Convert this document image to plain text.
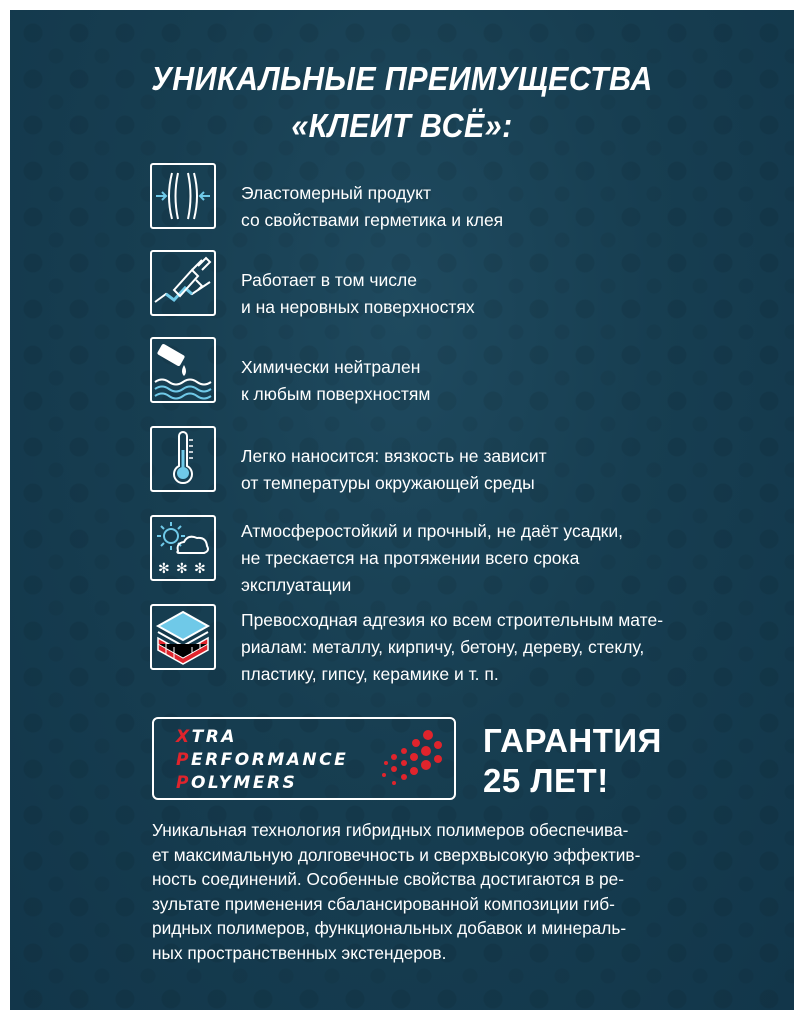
УНИКАЛЬНЫЕ ПРЕИМУЩЕСТВА
«КЛЕИТ ВСЁ»:
Эластомерный продукт
со свойствами герметика и клея
Работает в том числе
и на неровных поверхностях
Химически нейтрален
к любым поверхностям
Легко наносится: вязкость не зависит
от температуры окружающей среды
✻ ✻ ✻
Атмосферостойкий и прочный, не даёт усадки,
не трескается на протяжении всего срока
эксплуатации
Превосходная адгезия ко всем строительным мате-
риалам: металлу, кирпичу, бетону, дереву, стеклу,
пластику, гипсу, керамике и т. п.
XTRA
PERFORMANCE
POLYMERS
ГАРАНТИЯ
25 ЛЕТ!
Уникальная технология гибридных полимеров обеспечива-
ет максимальную долговечность и сверхвысокую эффектив-
ность соединений. Особенные свойства достигаются в ре-
зультате применения сбалансированной композиции гиб-
ридных полимеров, функциональных добавок и минераль-
ных пространственных экстендеров.
